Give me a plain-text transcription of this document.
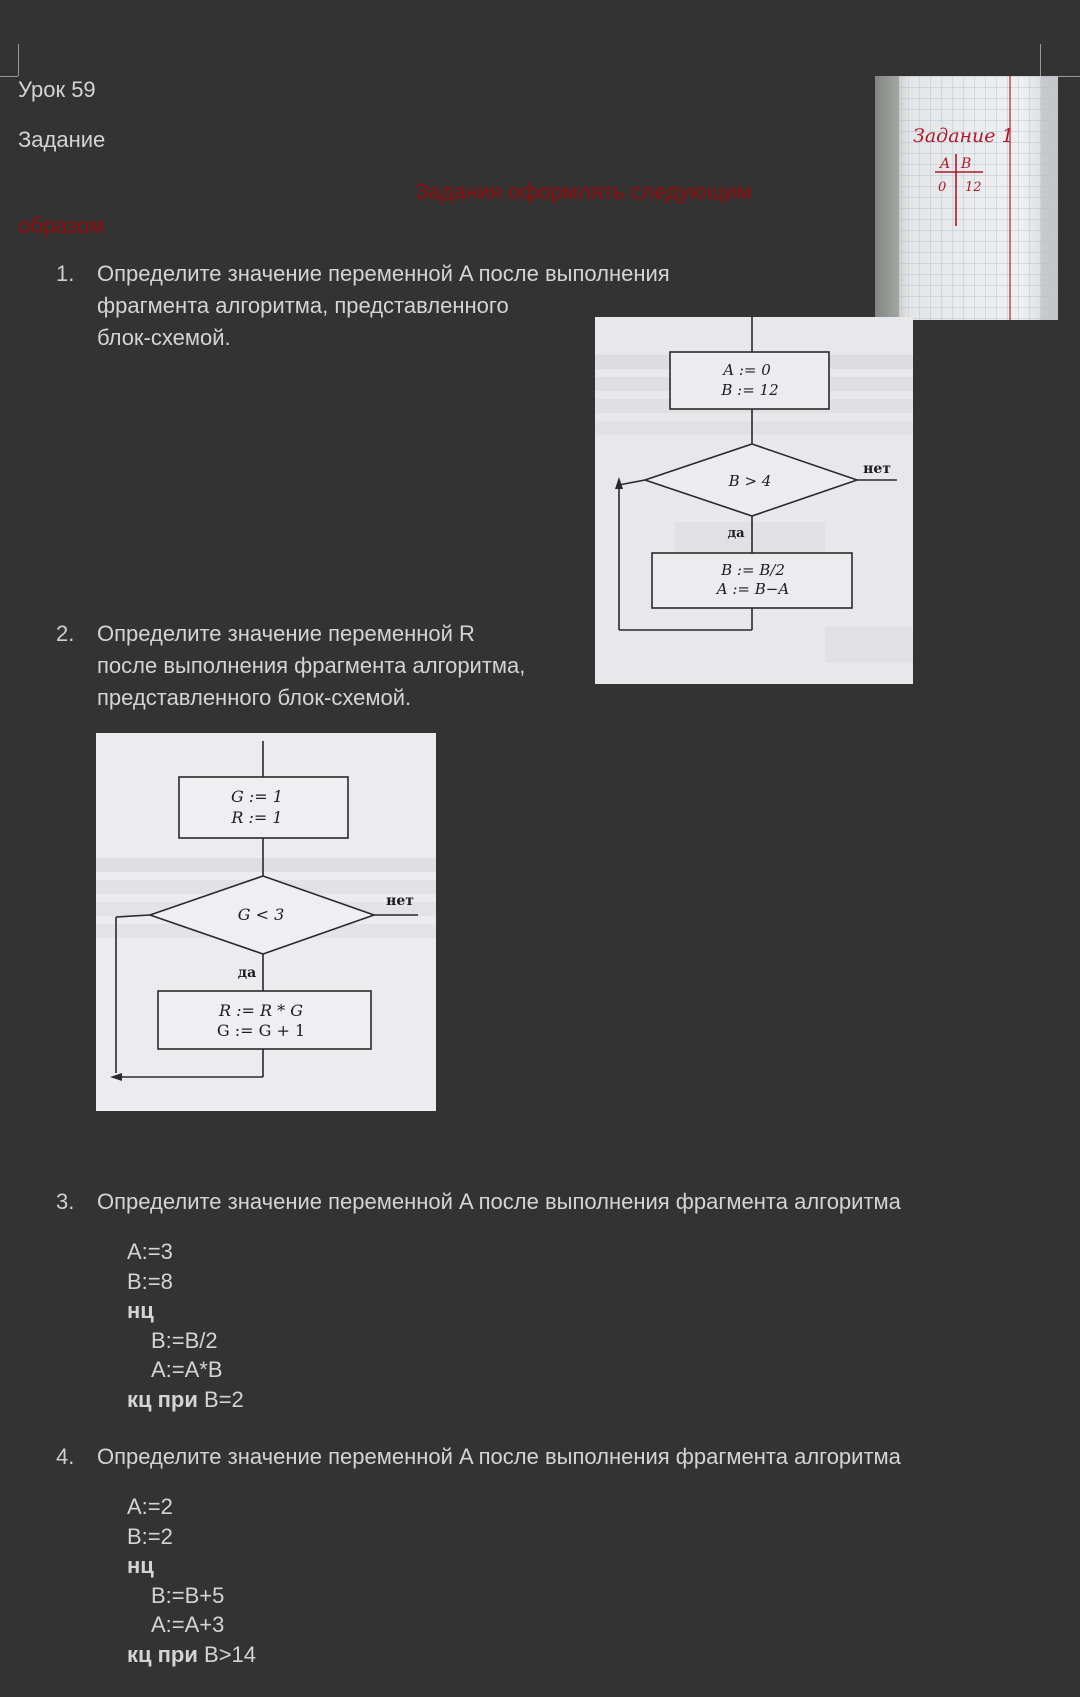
Урок 59
Задание
Задания оформлять следующим
образом
Задание 1
A B
0 12
1. Определите значение переменной A после выполнения
фрагмента алгоритма, представленного
блок-схемой.
A := 0
B := 12
B > 4
нет
да
B := B/2
A := B−A
2. Определите значение переменной R
после выполнения фрагмента алгоритма,
представленного блок-схемой.
G := 1
R := 1
G < 3
нет
да
R := R * G
G := G + 1
3. Определите значение переменной A после выполнения фрагмента алгоритма
A:=3
B:=8
нц
B:=B/2
A:=A*B
кц при B=2
4. Определите значение переменной A после выполнения фрагмента алгоритма
A:=2
B:=2
нц
B:=B+5
A:=A+3
кц при B>14
